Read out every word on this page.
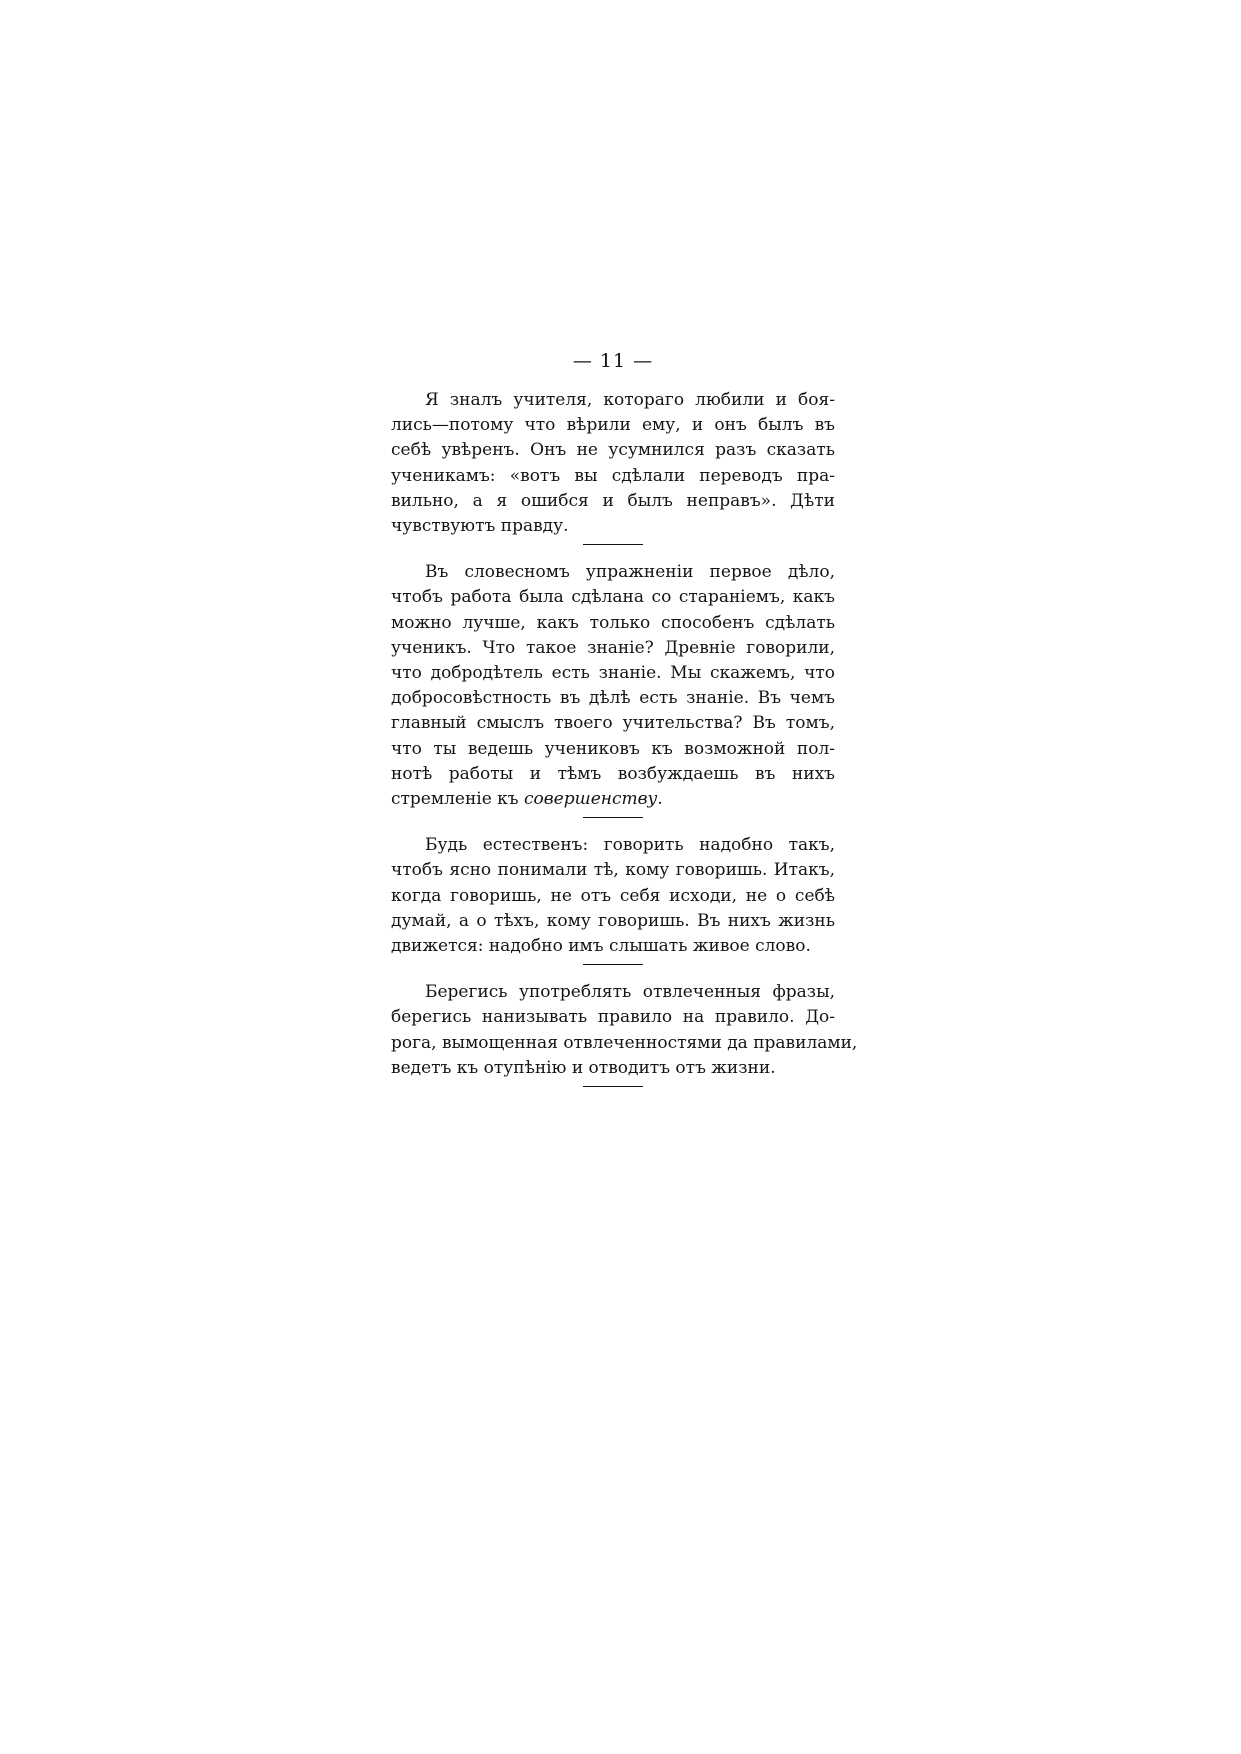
— 11 —

Я зналъ учителя, котораго любили и боя-
лись—потому что вѣрили ему, и онъ былъ въ
себѣ увѣренъ. Онъ не усумнился разъ сказать
ученикамъ: «вотъ вы сдѣлали переводъ пра-
вильно, а я ошибся и былъ неправъ». Дѣти
чувствуютъ правду.

Въ словесномъ упражненіи первое дѣло,
чтобъ работа была сдѣлана со стараніемъ, какъ
можно лучше, какъ только способенъ сдѣлать
ученикъ. Что такое знаніе? Древніе говорили,
что добродѣтель есть знаніе. Мы скажемъ, что
добросовѣстность въ дѣлѣ есть знаніе. Въ чемъ
главный смыслъ твоего учительства? Въ томъ,
что ты ведешь учениковъ къ возможной пол-
нотѣ работы и тѣмъ возбуждаешь въ нихъ
стремленіе къ совершенству.

Будь естественъ: говорить надобно такъ,
чтобъ ясно понимали тѣ, кому говоришь. Итакъ,
когда говоришь, не отъ себя исходи, не о себѣ
думай, а о тѣхъ, кому говоришь. Въ нихъ жизнь
движется: надобно имъ слышать живое слово.

Берегись употреблять отвлеченныя фразы,
берегись нанизывать правило на правило. До-
рога, вымощенная отвлеченностями да правилами,
ведетъ къ отупѣнію и отводитъ отъ жизни.
